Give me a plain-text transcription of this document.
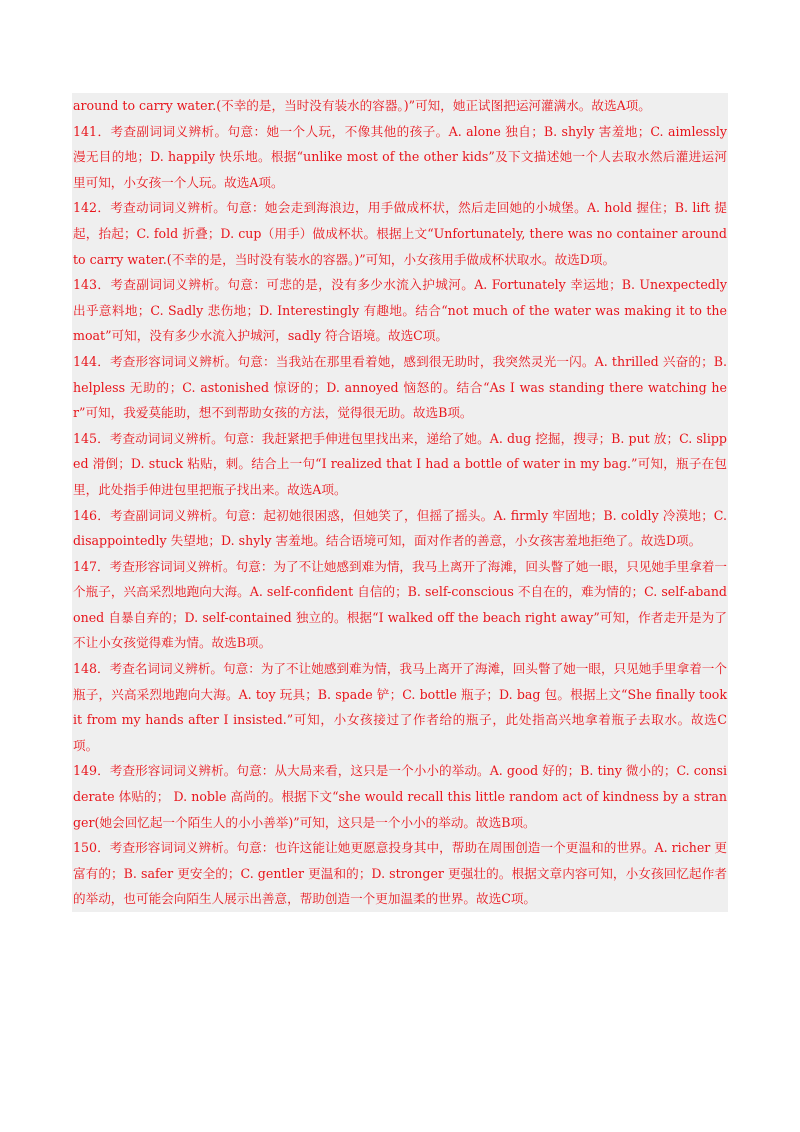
around to carry water.(不幸的是，当时没有装水的容器。)”可知，她正试图把运河灌满水。故选A项。

141．考查副词词义辨析。句意：她一个人玩，不像其他的孩子。A. alone 独自；B. shyly 害羞地；C. aimlessly 漫无目的地；D. happily 快乐地。根据“unlike most of the other kids”及下文描述她一个人去取水然后灌进运河里可知，小女孩一个人玩。故选A项。

142．考查动词词义辨析。句意：她会走到海浪边，用手做成杯状，然后走回她的小城堡。A. hold 握住；B. lift 提起，抬起；C. fold 折叠；D. cup（用手）做成杯状。根据上文“Unfortunately, there was no container around to carry water.(不幸的是，当时没有装水的容器。)”可知，小女孩用手做成杯状取水。故选D项。

143．考查副词词义辨析。句意：可悲的是，没有多少水流入护城河。A. Fortunately 幸运地；B. Unexpectedly 出乎意料地；C. Sadly 悲伤地；D. Interestingly 有趣地。结合“not much of the water was making it to the moat”可知，没有多少水流入护城河，sadly 符合语境。故选C项。

144．考查形容词词义辨析。句意：当我站在那里看着她，感到很无助时，我突然灵光一闪。A. thrilled 兴奋的；B. helpless 无助的；C. astonished 惊讶的；D. annoyed 恼怒的。结合“As I was standing there watching her”可知，我爱莫能助，想不到帮助女孩的方法，觉得很无助。故选B项。

145．考查动词词义辨析。句意：我赶紧把手伸进包里找出来，递给了她。A. dug 挖掘，搜寻；B. put 放；C. slipped 滑倒；D. stuck 粘贴，刺。结合上一句“I realized that I had a bottle of water in my bag.”可知，瓶子在包里，此处指手伸进包里把瓶子找出来。故选A项。

146．考查副词词义辨析。句意：起初她很困惑，但她笑了，但摇了摇头。A. firmly 牢固地；B. coldly 冷漠地；C. disappointedly 失望地；D. shyly 害羞地。结合语境可知，面对作者的善意，小女孩害羞地拒绝了。故选D项。

147．考查形容词词义辨析。句意：为了不让她感到难为情，我马上离开了海滩，回头瞥了她一眼，只见她手里拿着一个瓶子，兴高采烈地跑向大海。A. self-confident 自信的；B. self-conscious 不自在的，难为情的；C. self-abandoned 自暴自弃的；D. self-contained 独立的。根据“I walked off the beach right away”可知，作者走开是为了不让小女孩觉得难为情。故选B项。

148．考查名词词义辨析。句意：为了不让她感到难为情，我马上离开了海滩，回头瞥了她一眼，只见她手里拿着一个瓶子，兴高采烈地跑向大海。A. toy 玩具；B. spade 铲；C. bottle 瓶子；D. bag 包。根据上文“She finally took it from my hands after I insisted.”可知，小女孩接过了作者给的瓶子，此处指高兴地拿着瓶子去取水。故选C项。

149．考查形容词词义辨析。句意：从大局来看，这只是一个小小的举动。A. good 好的；B. tiny 微小的；C. considerate 体贴的； D. noble 高尚的。根据下文“she would recall this little random act of kindness by a stranger(她会回忆起一个陌生人的小小善举)”可知，这只是一个小小的举动。故选B项。

150．考查形容词词义辨析。句意：也许这能让她更愿意投身其中，帮助在周围创造一个更温和的世界。A. richer 更富有的；B. safer 更安全的；C. gentler 更温和的；D. stronger 更强壮的。根据文章内容可知，小女孩回忆起作者的举动，也可能会向陌生人展示出善意，帮助创造一个更加温柔的世界。故选C项。
